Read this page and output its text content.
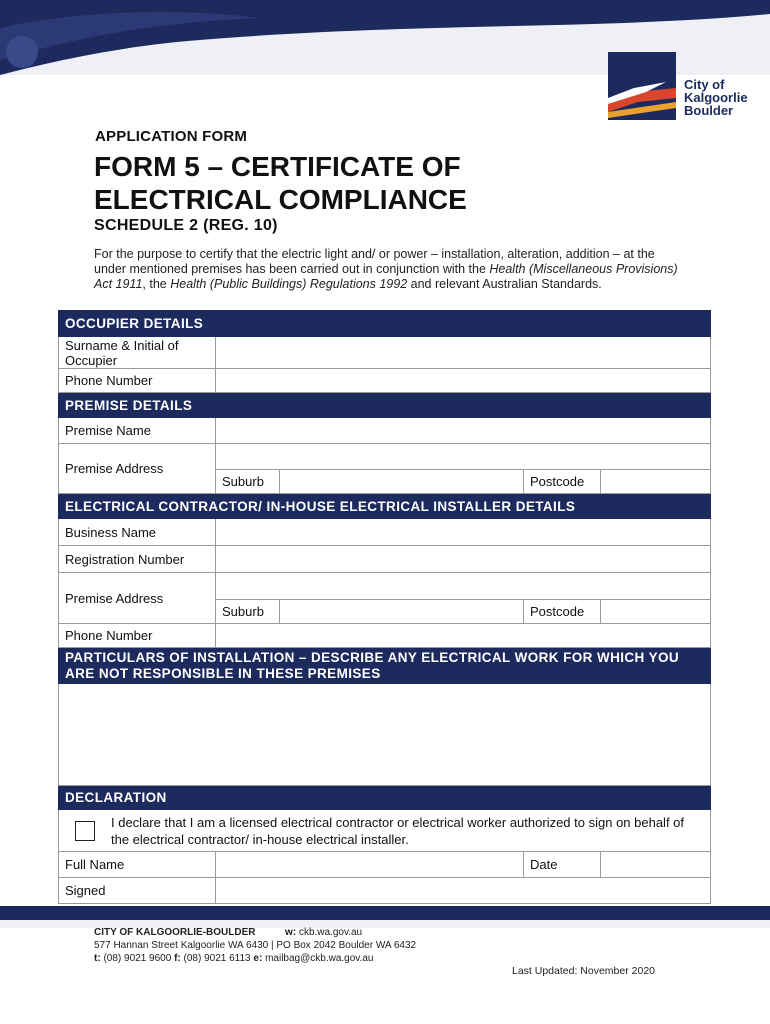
City of
Kalgoorlie
Boulder
APPLICATION FORM
FORM 5 – CERTIFICATE OF
ELECTRICAL COMPLIANCE
SCHEDULE 2 (REG. 10)
For the purpose to certify that the electric light and/ or power – installation, alteration, addition – at the under mentioned premises has been carried out in conjunction with the Health (Miscellaneous Provisions) Act 1911, the Health (Public Buildings) Regulations 1992 and relevant Australian Standards.
OCCUPIER DETAILS				
Surname & Initial of Occupier				
Phone Number				
PREMISE DETAILS				
Premise Name				
Premise Address				
	Suburb		Postcode	
ELECTRICAL CONTRACTOR/ IN-HOUSE ELECTRICAL INSTALLER DETAILS				
Business Name				
Registration Number				
Premise Address				
	Suburb		Postcode	
Phone Number				
PARTICULARS OF INSTALLATION – DESCRIBE ANY ELECTRICAL WORK FOR WHICH YOU ARE NOT RESPONSIBLE IN THESE PREMISES				

DECLARATION				

I declare that I am a licensed electrical contractor or electrical worker authorized to sign on behalf of the electrical contractor/ in-house electrical installer.				

Full Name			Date	
Signed				
CITY OF KALGOORLIE-BOULDER	w: ckb.wa.gov.au
577 Hannan Street Kalgoorlie WA 6430 | PO Box 2042 Boulder WA 6432
t: (08) 9021 9600 f: (08) 9021 6113 e: mailbag@ckb.wa.gov.au
Last Updated: November 2020
